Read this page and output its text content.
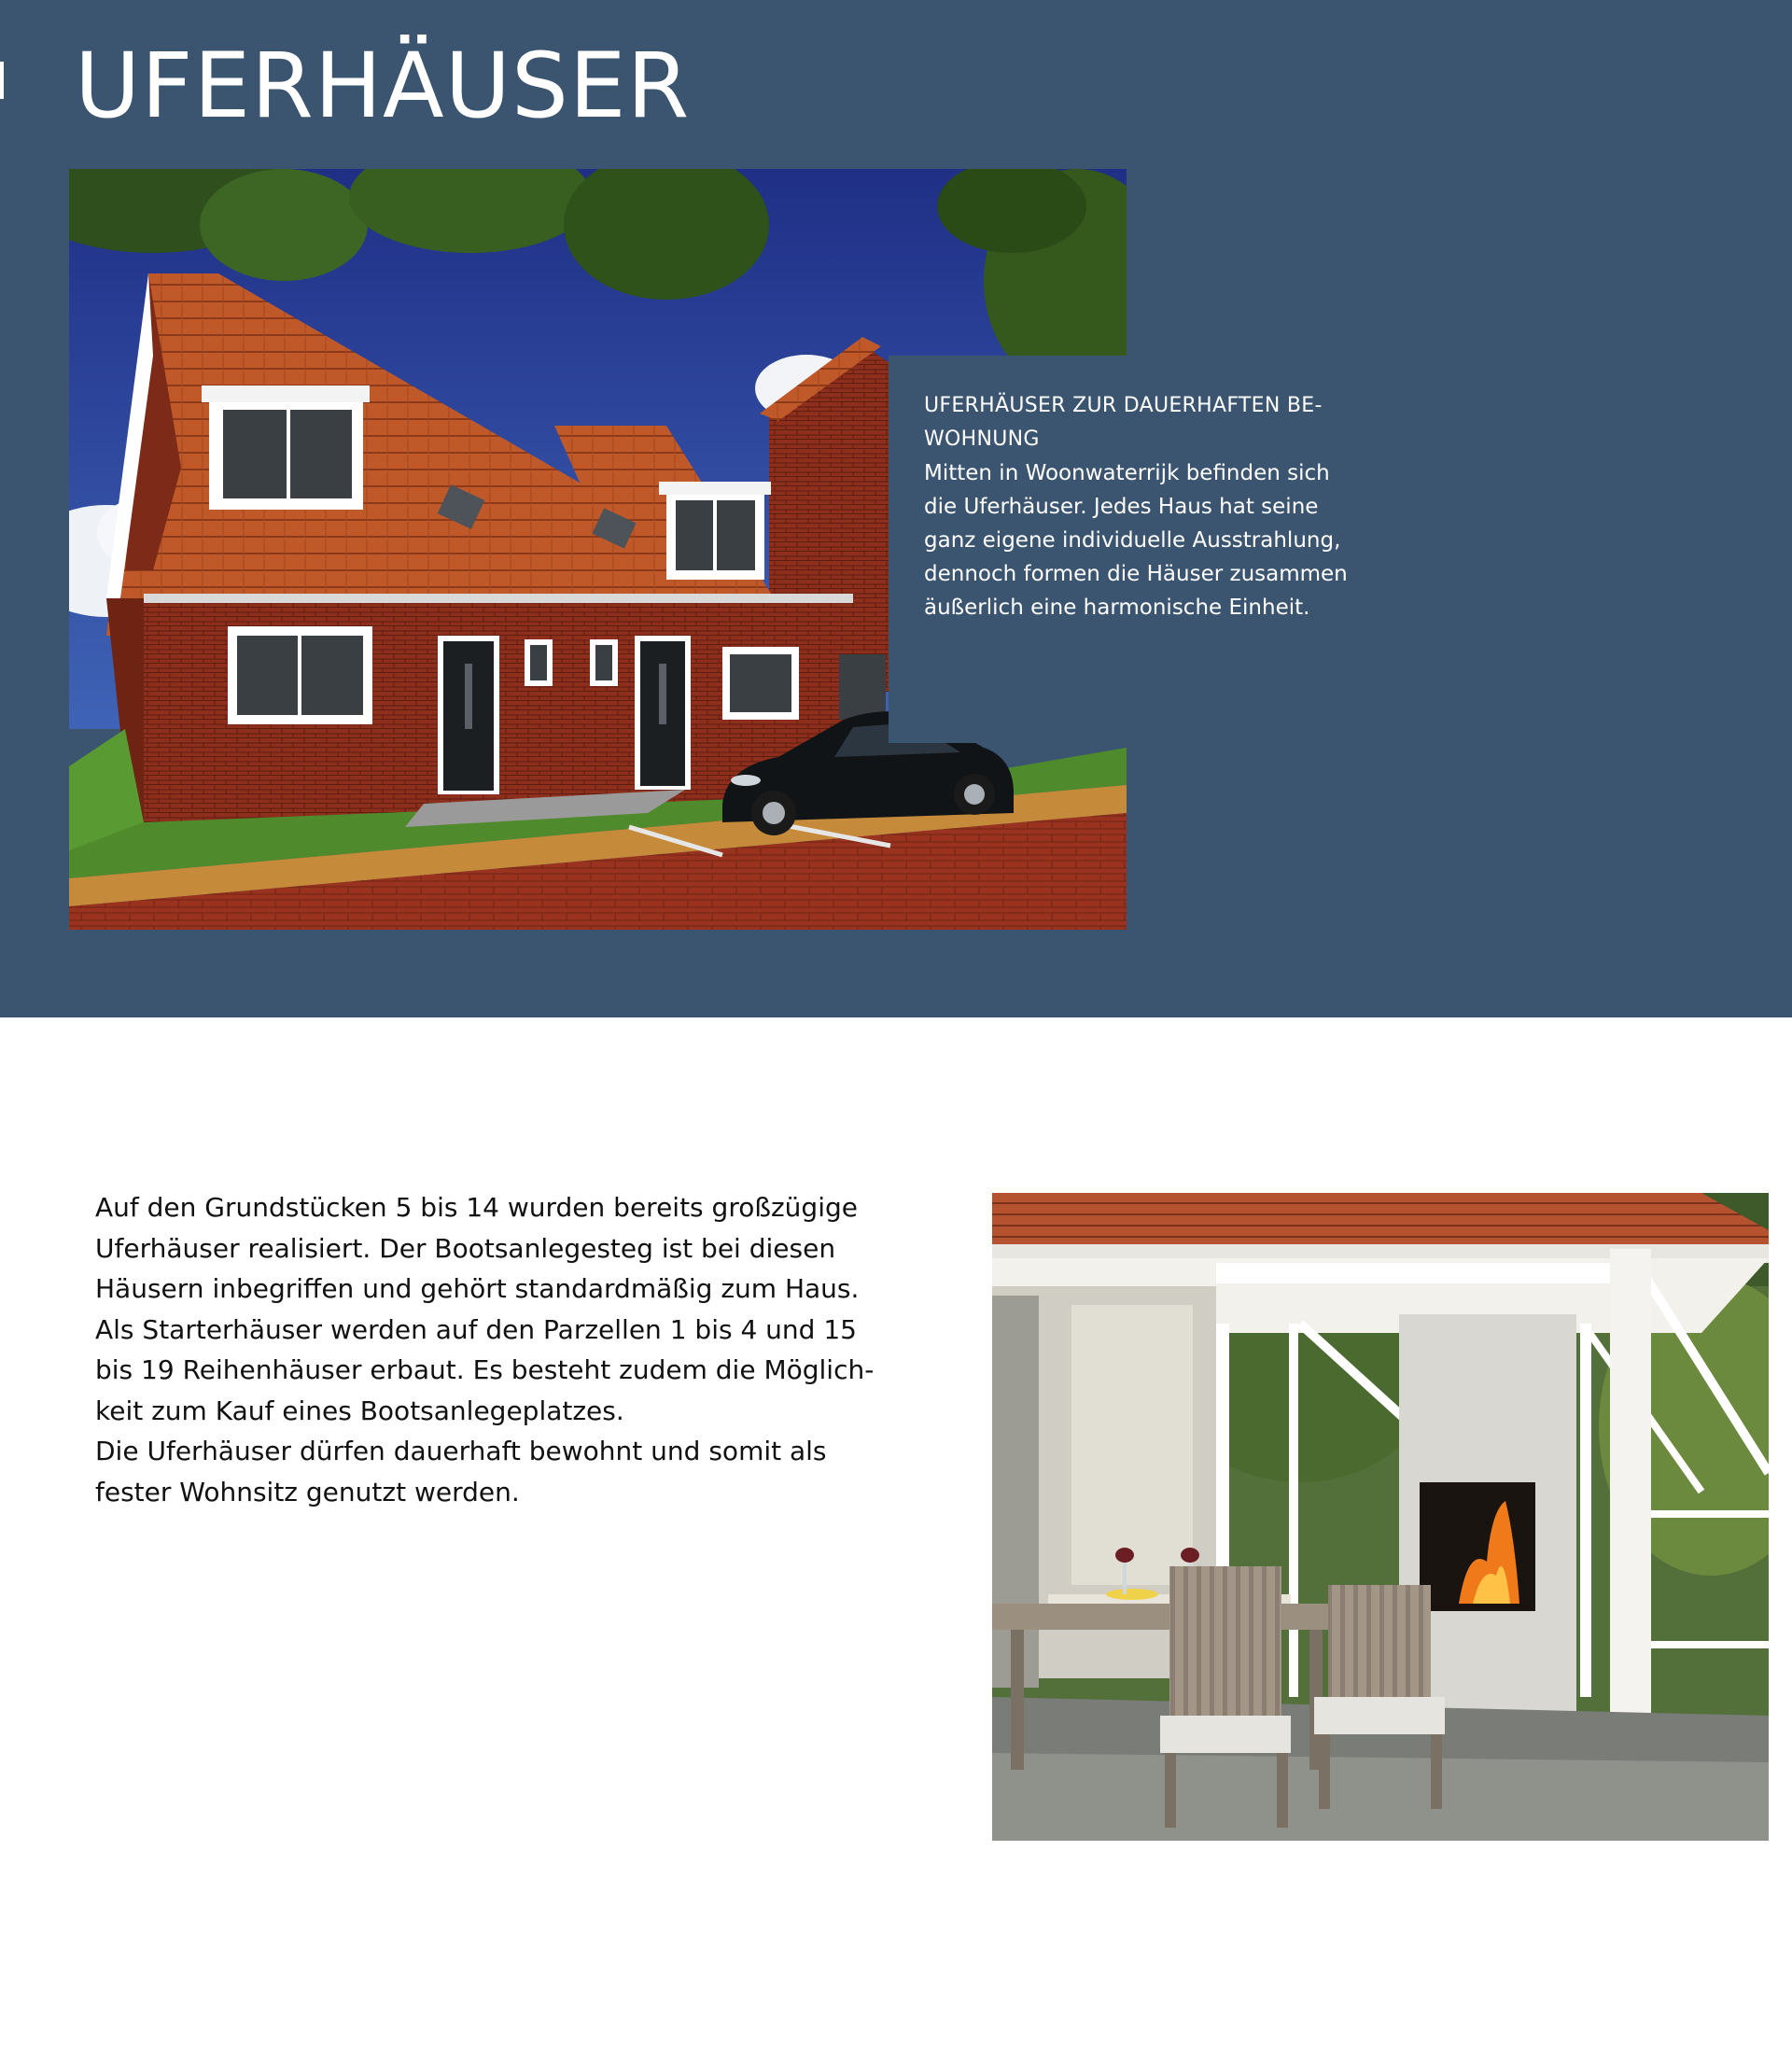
UFERHÄUSER

UFERHÄUSER ZUR DAUERHAFTEN BE-
WOHNUNG

Mitten in Woonwaterrijk befinden sich
die Uferhäuser. Jedes Haus hat seine
ganz eigene individuelle Ausstrahlung,
dennoch formen die Häuser zusammen
äußerlich eine harmonische Einheit.

Auf den Grundstücken 5 bis 14 wurden bereits großzügige
Uferhäuser realisiert. Der Bootsanlegesteg ist bei diesen
Häusern inbegriffen und gehört standardmäßig zum Haus.
Als Starterhäuser werden auf den Parzellen 1 bis 4 und 15
bis 19 Reihenhäuser erbaut. Es besteht zudem die Möglich-
keit zum Kauf eines Bootsanlegeplatzes.
Die Uferhäuser dürfen dauerhaft bewohnt und somit als
fester Wohnsitz genutzt werden.
